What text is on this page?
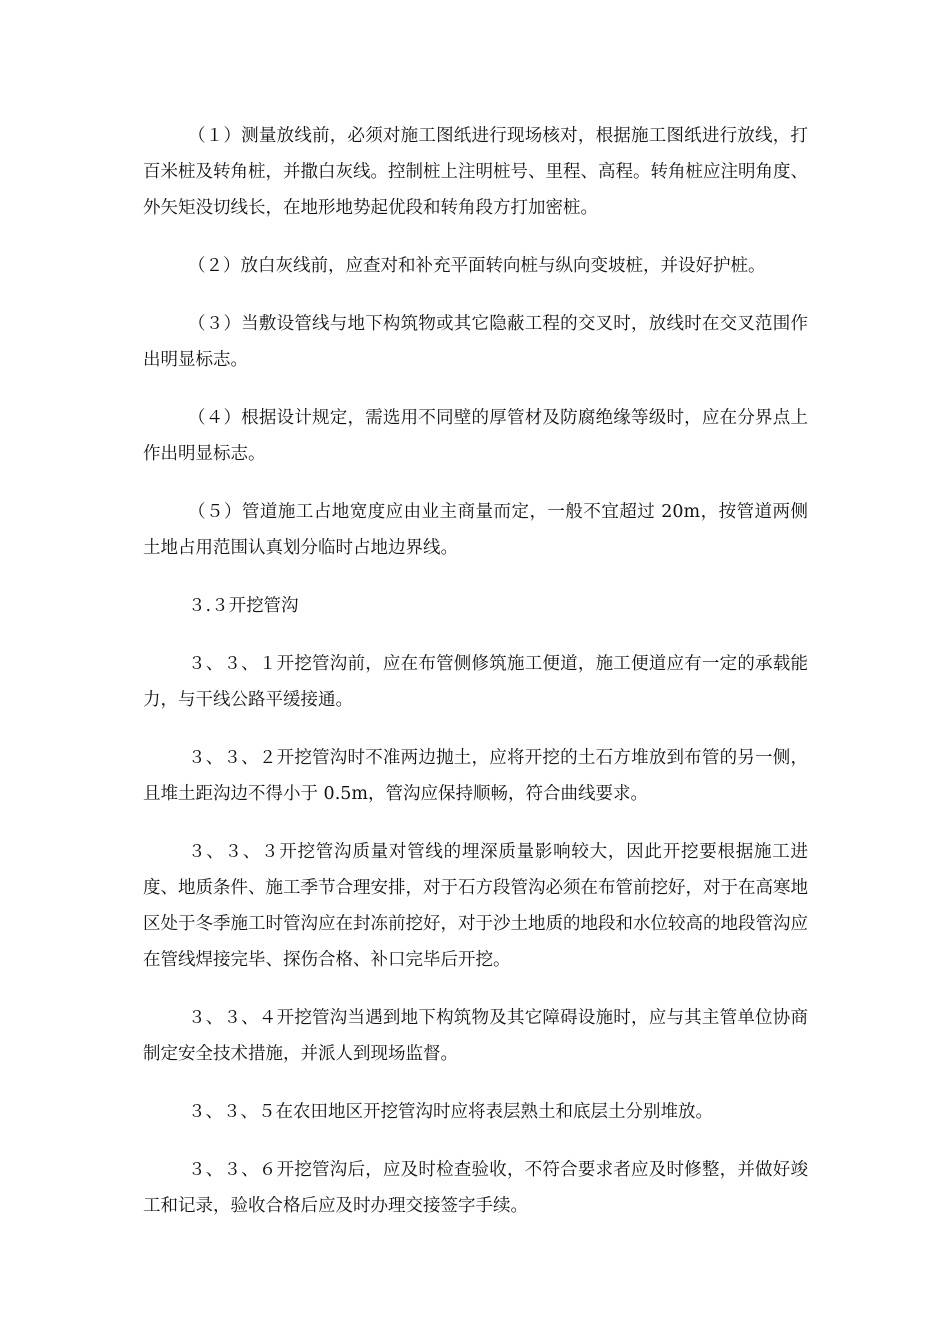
（１）测量放线前，必须对施工图纸进行现场核对，根据施工图纸进行放线，打百米桩及转角桩，并撒白灰线。控制桩上注明桩号、里程、高程。转角桩应注明角度、外矢矩没切线长，在地形地势起优段和转角段方打加密桩。

（２）放白灰线前，应查对和补充平面转向桩与纵向变坡桩，并设好护桩。

（３）当敷设管线与地下构筑物或其它隐蔽工程的交叉时，放线时在交叉范围作出明显标志。

（４）根据设计规定，需选用不同壁的厚管材及防腐绝缘等级时，应在分界点上作出明显标志。

（５）管道施工占地宽度应由业主商量而定，一般不宜超过 20m，按管道两侧土地占用范围认真划分临时占地边界线。

３.３开挖管沟

３、３、１开挖管沟前，应在布管侧修筑施工便道，施工便道应有一定的承载能力，与干线公路平缓接通。

３、３、２开挖管沟时不准两边抛土，应将开挖的土石方堆放到布管的另一侧，且堆土距沟边不得小于 0.5m，管沟应保持顺畅，符合曲线要求。

３、３、３开挖管沟质量对管线的埋深质量影响较大，因此开挖要根据施工进度、地质条件、施工季节合理安排，对于石方段管沟必须在布管前挖好，对于在高寒地区处于冬季施工时管沟应在封冻前挖好，对于沙土地质的地段和水位较高的地段管沟应在管线焊接完毕、探伤合格、补口完毕后开挖。

３、３、４开挖管沟当遇到地下构筑物及其它障碍设施时，应与其主管单位协商制定安全技术措施，并派人到现场监督。

３、３、５在农田地区开挖管沟时应将表层熟土和底层土分别堆放。

３、３、６开挖管沟后，应及时检查验收，不符合要求者应及时修整，并做好竣工和记录，验收合格后应及时办理交接签字手续。
